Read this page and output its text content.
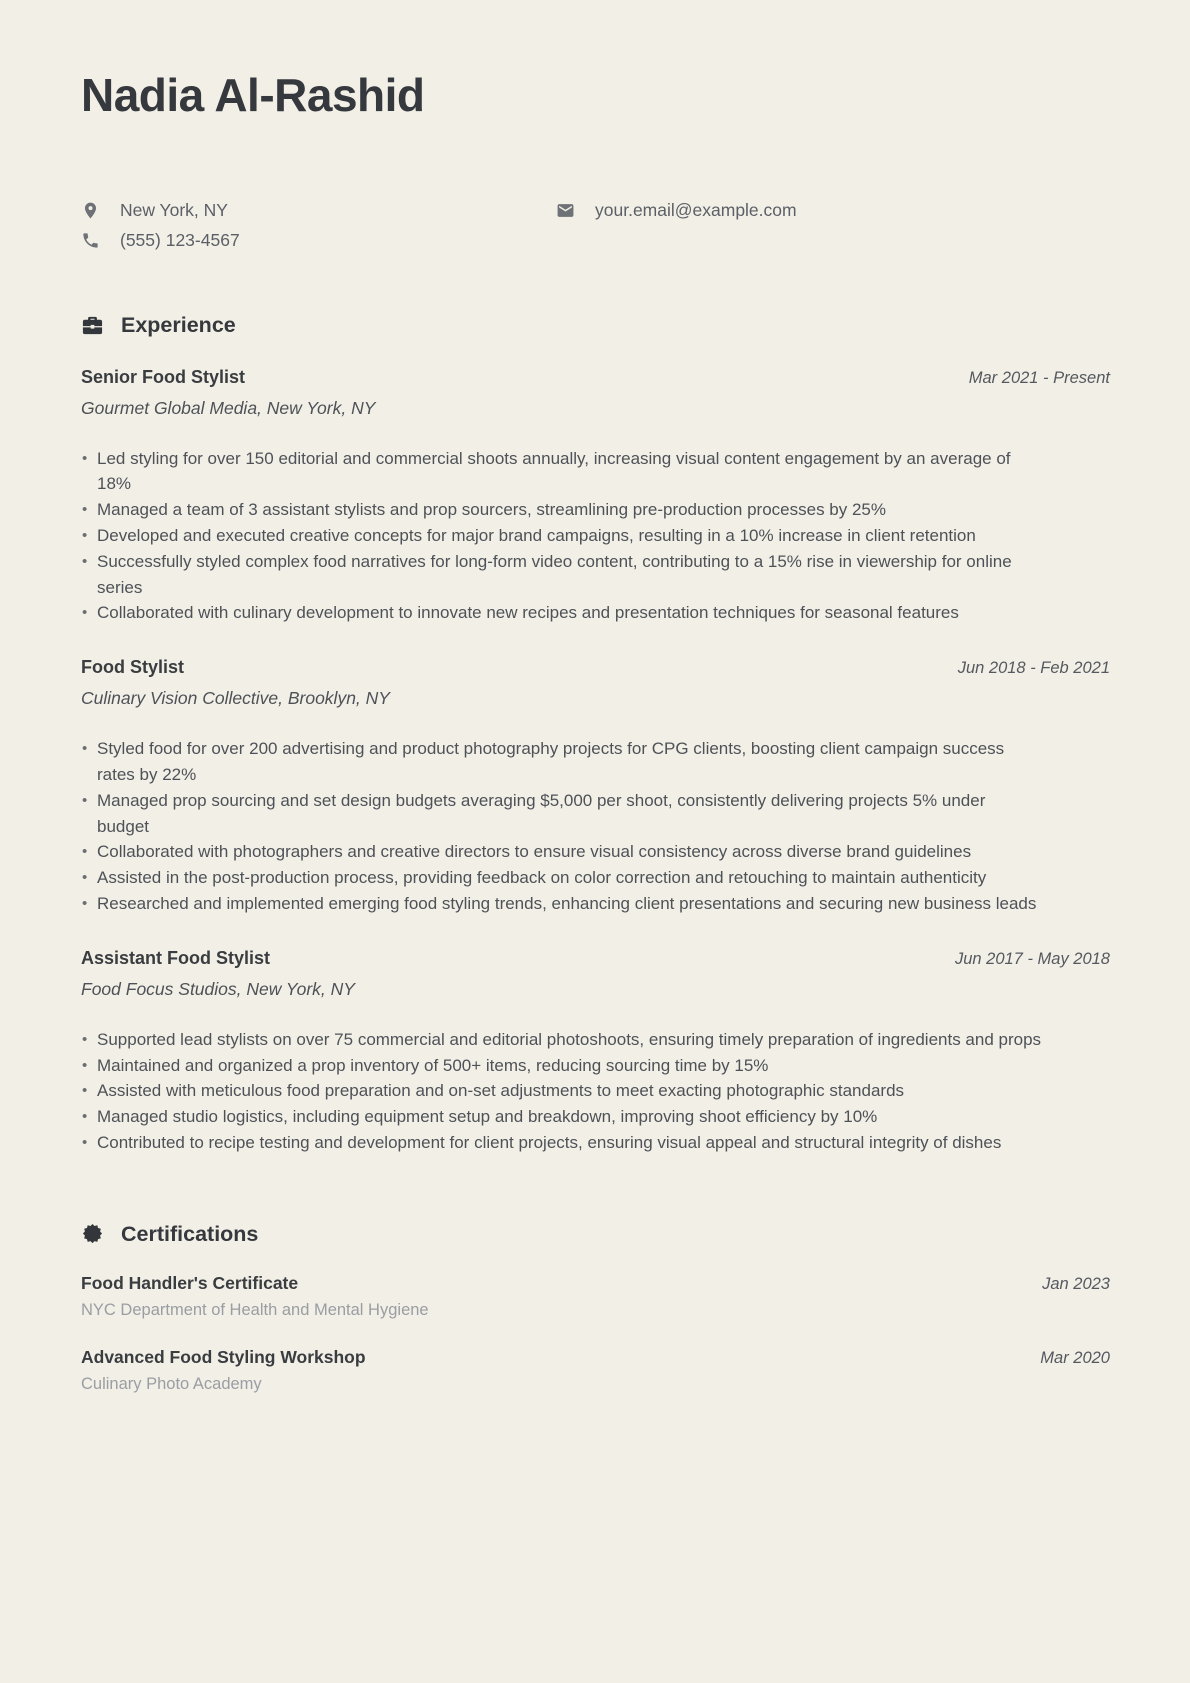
Nadia Al-Rashid
New York, NY
(555) 123-4567
your.email@example.com
Experience
Senior Food Stylist	Mar 2021 - Present
Gourmet Global Media, New York, NY
• Led styling for over 150 editorial and commercial shoots annually, increasing visual content engagement by an average of 18%
• Managed a team of 3 assistant stylists and prop sourcers, streamlining pre-production processes by 25%
• Developed and executed creative concepts for major brand campaigns, resulting in a 10% increase in client retention
• Successfully styled complex food narratives for long-form video content, contributing to a 15% rise in viewership for online series
• Collaborated with culinary development to innovate new recipes and presentation techniques for seasonal features
Food Stylist	Jun 2018 - Feb 2021
Culinary Vision Collective, Brooklyn, NY
• Styled food for over 200 advertising and product photography projects for CPG clients, boosting client campaign success rates by 22%
• Managed prop sourcing and set design budgets averaging $5,000 per shoot, consistently delivering projects 5% under budget
• Collaborated with photographers and creative directors to ensure visual consistency across diverse brand guidelines
• Assisted in the post-production process, providing feedback on color correction and retouching to maintain authenticity
• Researched and implemented emerging food styling trends, enhancing client presentations and securing new business leads
Assistant Food Stylist	Jun 2017 - May 2018
Food Focus Studios, New York, NY
• Supported lead stylists on over 75 commercial and editorial photoshoots, ensuring timely preparation of ingredients and props
• Maintained and organized a prop inventory of 500+ items, reducing sourcing time by 15%
• Assisted with meticulous food preparation and on-set adjustments to meet exacting photographic standards
• Managed studio logistics, including equipment setup and breakdown, improving shoot efficiency by 10%
• Contributed to recipe testing and development for client projects, ensuring visual appeal and structural integrity of dishes
Certifications
Food Handler's Certificate	Jan 2023
NYC Department of Health and Mental Hygiene
Advanced Food Styling Workshop	Mar 2020
Culinary Photo Academy
